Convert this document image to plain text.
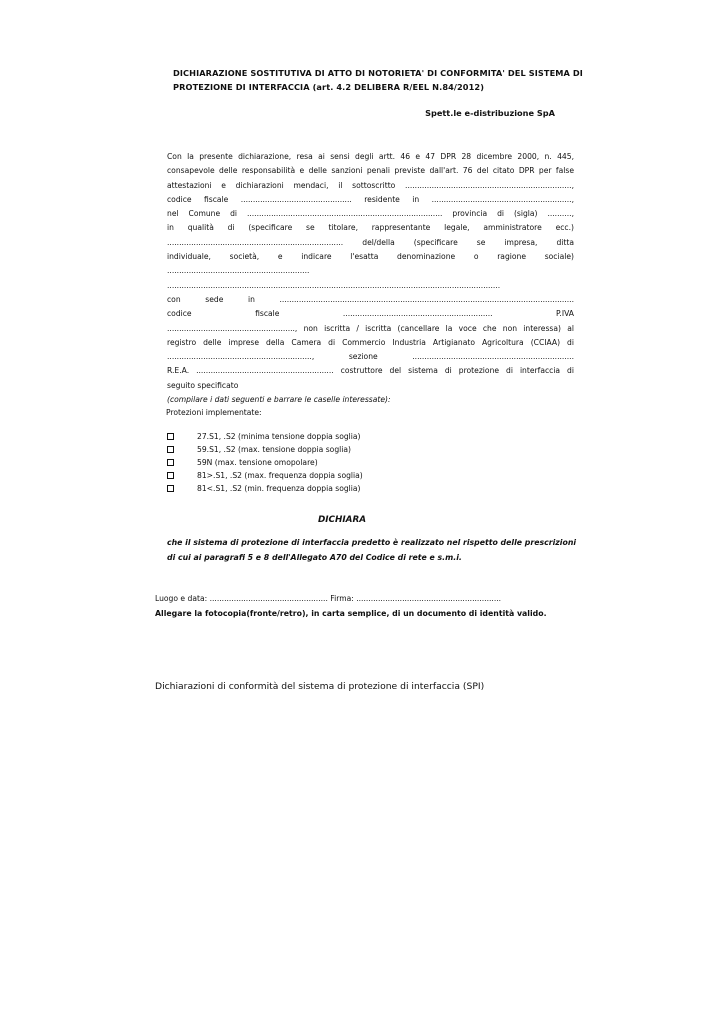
DICHIARAZIONE SOSTITUTIVA DI ATTO DI NOTORIETA' DI CONFORMITA' DEL SISTEMA DI
PROTEZIONE DI INTERFACCIA (art. 4.2 DELIBERA R/EEL N.84/2012)
Spett.le e-distribuzione SpA
Con la presente dichiarazione, resa ai sensi degli artt. 46 e 47 DPR 28 dicembre 2000, n. 445,
consapevole delle responsabilità e delle sanzioni penali previste dall'art. 76 del citato DPR per false
attestazioni e dichiarazioni mendaci, il sottoscritto .....................................................................,
codice fiscale .............................................. residente in ..........................................................,
nel Comune di ................................................................................. provincia di (sigla) ..........,
in qualità di (specificare se titolare, rappresentante legale, amministratore ecc.)
......................................................................... del/della (specificare se impresa, ditta
individuale, società, e indicare l'esatta denominazione o ragione sociale)
...........................................................
..........................................................................................................................................
con sede in ..........................................................................................................................
codice fiscale .............................................................. P.IVA
....................................................., non iscritta / iscritta (cancellare la voce che non interessa) al
registro delle imprese della Camera di Commercio Industria Artigianato Agricoltura (CCIAA) di
............................................................, sezione ...................................................................
R.E.A. ......................................................... costruttore del sistema di protezione di interfaccia di
seguito specificato
(compilare i dati seguenti e barrare le caselle interessate):
Protezioni implementate:
27.S1, .S2 (minima tensione doppia soglia)
59.S1, .S2 (max. tensione doppia soglia)
59N (max. tensione omopolare)
81>.S1, .S2 (max. frequenza doppia soglia)
81<.S1, .S2 (min. frequenza doppia soglia)
DICHIARA
che il sistema di protezione di interfaccia predetto è realizzato nel rispetto delle prescrizioni
di cui ai paragrafi 5 e 8 dell'Allegato A70 del Codice di rete e s.m.i.
Luogo e data: ................................................. Firma: ............................................................
Allegare la fotocopia(fronte/retro), in carta semplice, di un documento di identità valido.
Dichiarazioni di conformità del sistema di protezione di interfaccia (SPI)
